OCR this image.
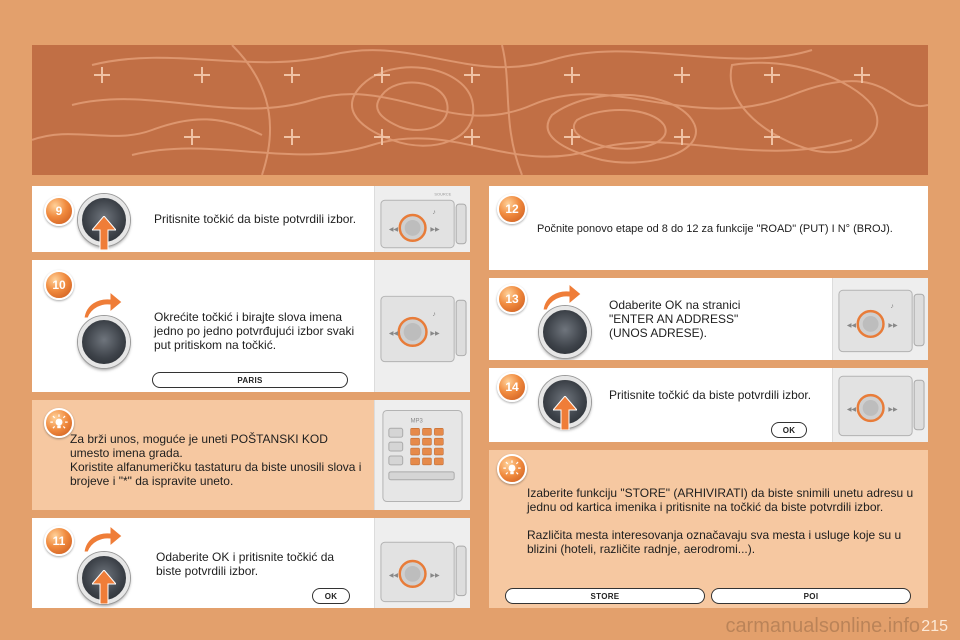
9
Pritisnite točkić da biste potvrdili izbor.
SOURCE
◀◀	▶▶
♪
10
Okrećite točkić i birajte slova imena jedno po jedno potvrđujući izbor svaki put pritiskom na točkić.
PARIS
◀◀	▶▶
♪
Za brži unos, moguće je uneti POŠTANSKI KOD umesto imena grada.
Koristite alfanumeričku tastaturu da biste unosili slova i brojeve i "*" da ispravite uneto.
MP3
11
Odaberite OK i pritisnite točkić da biste potvrdili izbor.
OK
◀◀	▶▶
12
Počnite ponovo etape od 8 do 12 za funkcije "ROAD" (PUT) I N° (BROJ).
13	Odaberite OK na stranici
"ENTER AN ADDRESS"
(UNOS ADRESE).
◀◀	▶▶
♪
14
Pritisnite točkić da biste potvrdili izbor.
OK
◀◀	▶▶
Izaberite funkciju "STORE" (ARHIVIRATI) da biste snimili unetu adresu u jednu od kartica imenika i pritisnite na točkić da biste potvrdili izbor.
Različita mesta interesovanja označavaju sva mesta i usluge koje su u blizini (hoteli, različite radnje, aerodromi...).
STORE	POI
215
carmanualsonline.info
